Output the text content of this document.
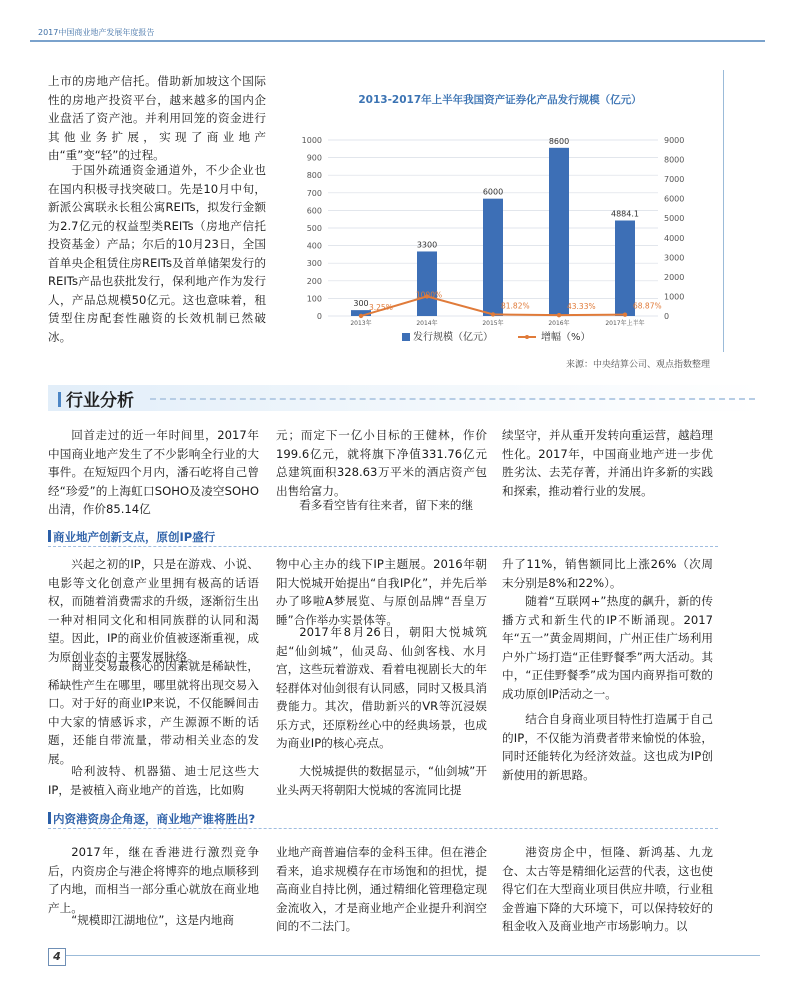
2017中国商业地产发展年度报告

上市的房地产信托。借助新加坡这个国际性的房地产投资平台，越来越多的国内企业盘活了资产池。并利用回笼的资金进行其他业务扩展，实现了商业地产由“重”变“轻”的过程。

于国外疏通资金通道外，不少企业也在国内积极寻找突破口。先是10月中旬，新派公寓联永长租公寓REITs，拟发行金额为2.7亿元的权益型类REITs（房地产信托投资基金）产品；尔后的10月23日，全国首单央企租赁住房REITs及首单储架发行的REITs产品也获批发行，保利地产作为发行人，产品总规模50亿元。这也意味着，租赁型住房配套性融资的长效机制已然破冰。

2013-2017年上半年我国资产证券化产品发行规模（亿元）
0
100
200
300
400
500
600
700
800
900
1000
0
1000
2000
3000
4000
5000
6000
7000
8000
9000
300
2013年
3300
2014年
6000
2015年
8600
2016年
4884.1
2017年上半年
3.25%
1000%
81.82%	43.33%	68.87%
发行规模（亿元）	增幅（%）
来源：中央结算公司、观点指数整理
行业分析

回首走过的近一年时间里，2017年中国商业地产发生了不少影响全行业的大事件。在短短四个月内，潘石屹将自己曾经“珍爱”的上海虹口SOHO及凌空SOHO出清，作价85.14亿

元；而定下一亿小目标的王健林，作价199.6亿元，就将旗下净值331.76亿元总建筑面积328.63万平米的酒店资产包出售给富力。

看多看空皆有往来者，留下来的继

续坚守，并从重开发转向重运营，越趋理性化。2017年，中国商业地产进一步优胜劣汰、去芜存菁，并涌出许多新的实践和探索，推动着行业的发展。

商业地产创新支点，原创IP盛行

兴起之初的IP，只是在游戏、小说、电影等文化创意产业里拥有极高的话语权，而随着消费需求的升级，逐渐衍生出一种对相同文化和相同族群的认同和渴望。因此，IP的商业价值被逐渐重视，成为原创业态的主要发展脉络。

商业交易最核心的因素就是稀缺性，稀缺性产生在哪里，哪里就将出现交易入口。对于好的商业IP来说，不仅能瞬间击中大家的情感诉求，产生源源不断的话题，还能自带流量，带动相关业态的发展。

哈利波特、机器猫、迪士尼这些大IP，是被植入商业地产的首选，比如购

物中心主办的线下IP主题展。2016年朝阳大悦城开始提出“自我IP化”，并先后举办了哆啦A梦展览、与原创品牌“吾皇万睡”合作举办实景体等。

2017年8月26日，朝阳大悦城筑起“仙剑城”，仙灵岛、仙剑客栈、水月宫，这些玩着游戏、看着电视剧长大的年轻群体对仙剑很有认同感，同时又极具消费能力。其次，借助新兴的VR等沉浸娱乐方式，还原粉丝心中的经典场景，也成为商业IP的核心亮点。

大悦城提供的数据显示，“仙剑城”开业头两天将朝阳大悦城的客流同比提

升了11%，销售额同比上涨26%（次周末分别是8%和22%）。

随着“互联网+”热度的飙升，新的传播方式和新生代的IP不断涌现。2017年“五一”黄金周期间，广州正佳广场利用户外广场打造“正佳野餐季”两大活动。其中，“正佳野餐季”成为国内商界指可数的成功原创IP活动之一。

结合自身商业项目特性打造属于自己的IP，不仅能为消费者带来愉悦的体验，同时还能转化为经济效益。这也成为IP创新使用的新思路。

内资港资房企角逐，商业地产谁将胜出?

2017年，继在香港进行激烈竞争后，内资房企与港企将博弈的地点顺移到了内地，而相当一部分重心就放在商业地产上。

“规模即江湖地位”，这是内地商

业地产商普遍信奉的金科玉律。但在港企看来，追求规模存在市场饱和的担忧，提高商业自持比例，通过精细化管理稳定现金流收入，才是商业地产企业提升利润空间的不二法门。

港资房企中，恒隆、新鸿基、九龙仓、太古等是精细化运营的代表，这也使得它们在大型商业项目供应井喷，行业租金普遍下降的大环境下，可以保持较好的租金收入及商业地产市场影响力。以

4
